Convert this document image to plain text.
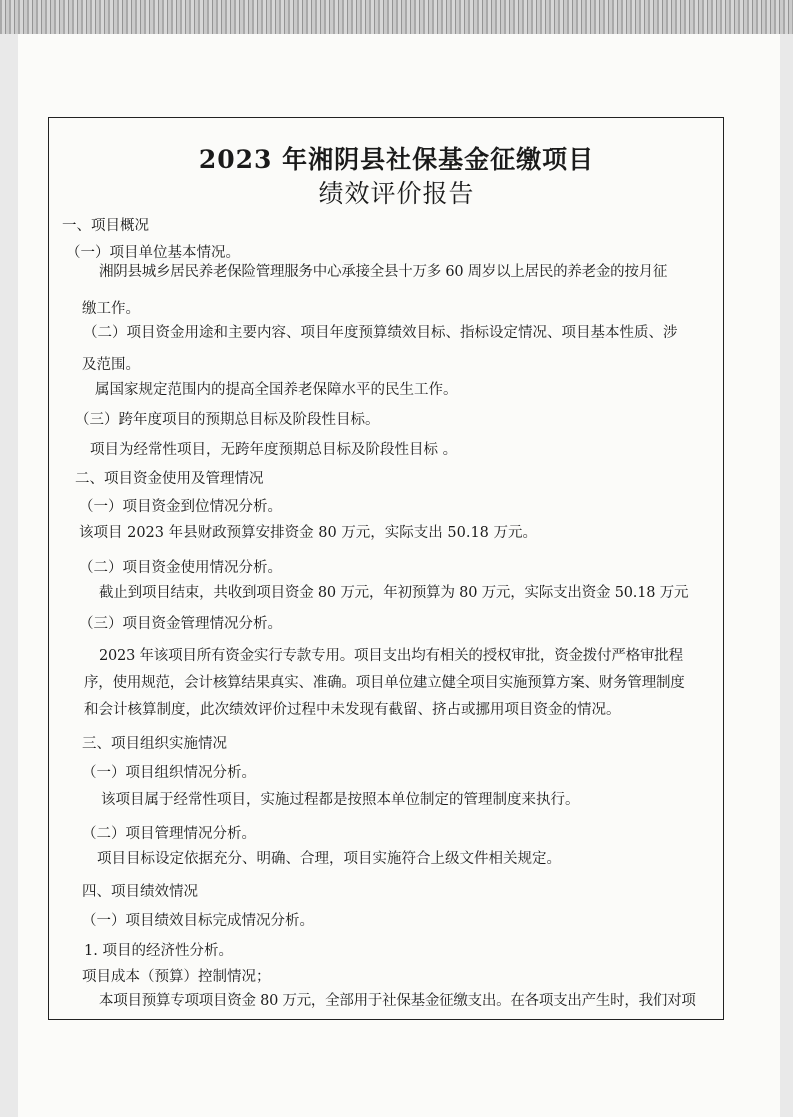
2023 年湘阴县社保基金征缴项目
绩效评价报告
一、项目概况
（一）项目单位基本情况。
湘阴县城乡居民养老保险管理服务中心承接全县十万多 60 周岁以上居民的养老金的按月征
缴工作。
（二）项目资金用途和主要内容、项目年度预算绩效目标、指标设定情况、项目基本性质、涉
及范围。
属国家规定范围内的提高全国养老保障水平的民生工作。
（三）跨年度项目的预期总目标及阶段性目标。
项目为经常性项目，无跨年度预期总目标及阶段性目标 。
二、项目资金使用及管理情况
（一）项目资金到位情况分析。
该项目 2023 年县财政预算安排资金 80 万元，实际支出 50.18 万元。
（二）项目资金使用情况分析。
截止到项目结束，共收到项目资金 80 万元，年初预算为 80 万元，实际支出资金 50.18 万元
（三）项目资金管理情况分析。
2023 年该项目所有资金实行专款专用。项目支出均有相关的授权审批，资金拨付严格审批程
序，使用规范，会计核算结果真实、准确。项目单位建立健全项目实施预算方案、财务管理制度
和会计核算制度，此次绩效评价过程中未发现有截留、挤占或挪用项目资金的情况。
三、项目组织实施情况
（一）项目组织情况分析。
该项目属于经常性项目，实施过程都是按照本单位制定的管理制度来执行。
（二）项目管理情况分析。
项目目标设定依据充分、明确、合理，项目实施符合上级文件相关规定。
四、项目绩效情况
（一）项目绩效目标完成情况分析。
1. 项目的经济性分析。
项目成本（预算）控制情况；
本项目预算专项项目资金 80 万元，全部用于社保基金征缴支出。在各项支出产生时，我们对项
